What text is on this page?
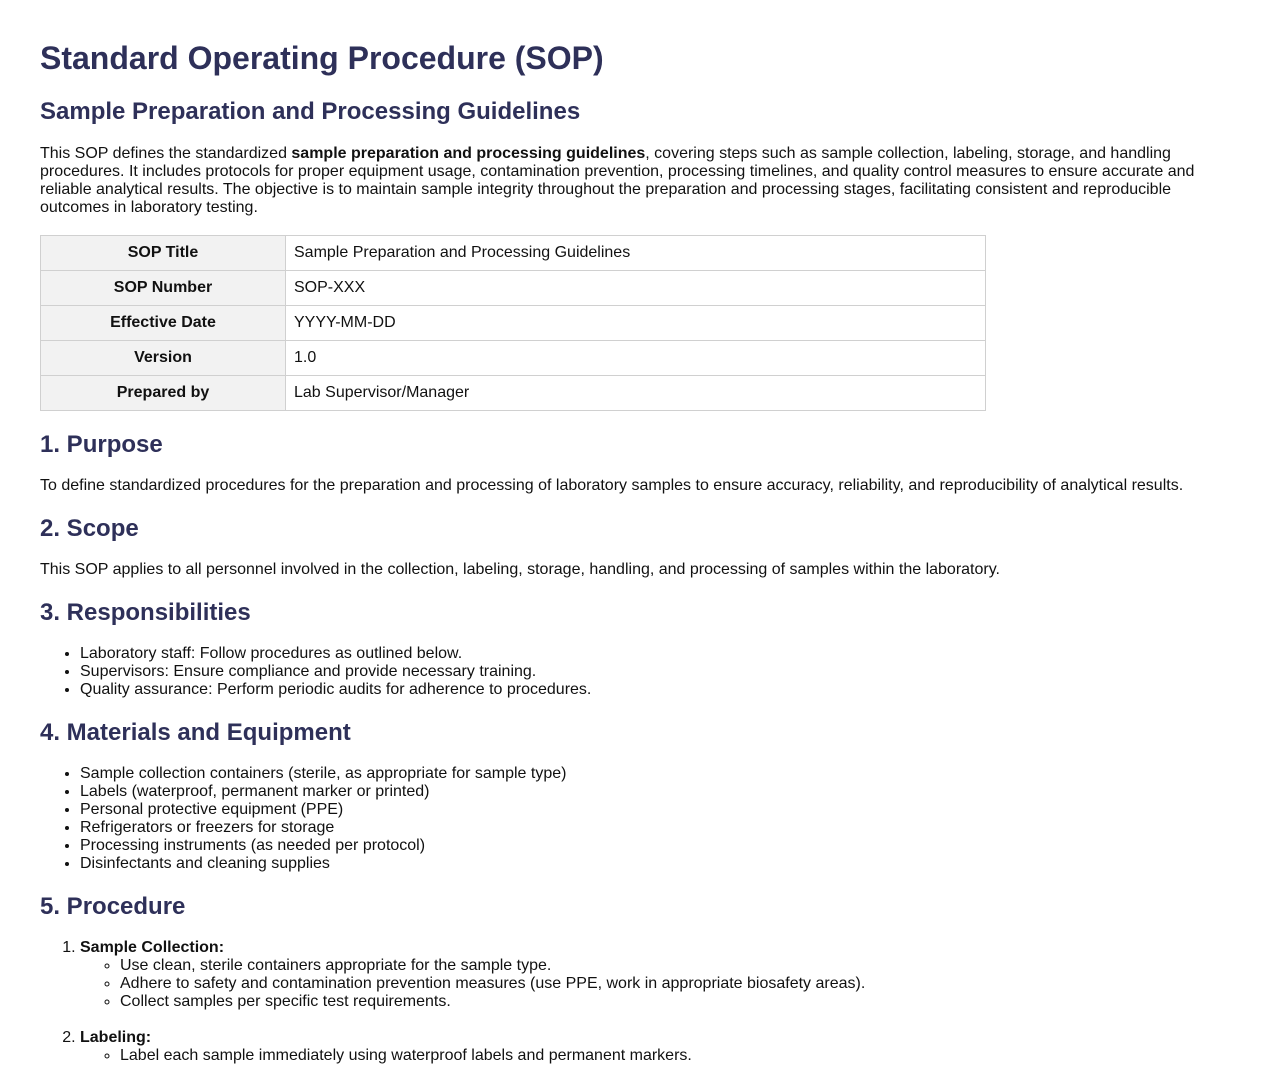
Standard Operating Procedure (SOP)
Sample Preparation and Processing Guidelines

This SOP defines the standardized sample preparation and processing guidelines, covering steps such as sample collection, labeling, storage, and handling procedures. It includes protocols for proper equipment usage, contamination prevention, processing timelines, and quality control measures to ensure accurate and reliable analytical results. The objective is to maintain sample integrity throughout the preparation and processing stages, facilitating consistent and reproducible outcomes in laboratory testing.

SOP Title	Sample Preparation and Processing Guidelines
SOP Number	SOP-XXX
Effective Date	YYYY-MM-DD
Version	1.0
Prepared by	Lab Supervisor/Manager
1. Purpose

To define standardized procedures for the preparation and processing of laboratory samples to ensure accuracy, reliability, and reproducibility of analytical results.

2. Scope

This SOP applies to all personnel involved in the collection, labeling, storage, handling, and processing of samples within the laboratory.

3. Responsibilities
• Laboratory staff: Follow procedures as outlined below.
• Supervisors: Ensure compliance and provide necessary training.
• Quality assurance: Perform periodic audits for adherence to procedures.
4. Materials and Equipment
• Sample collection containers (sterile, as appropriate for sample type)
• Labels (waterproof, permanent marker or printed)
• Personal protective equipment (PPE)
• Refrigerators or freezers for storage
• Processing instruments (as needed per protocol)
• Disinfectants and cleaning supplies
5. Procedure
1. Sample Collection:
◦ Use clean, sterile containers appropriate for the sample type.
◦ Adhere to safety and contamination prevention measures (use PPE, work in appropriate biosafety areas).
◦ Collect samples per specific test requirements.
2. Labeling:
◦ Label each sample immediately using waterproof labels and permanent markers.
